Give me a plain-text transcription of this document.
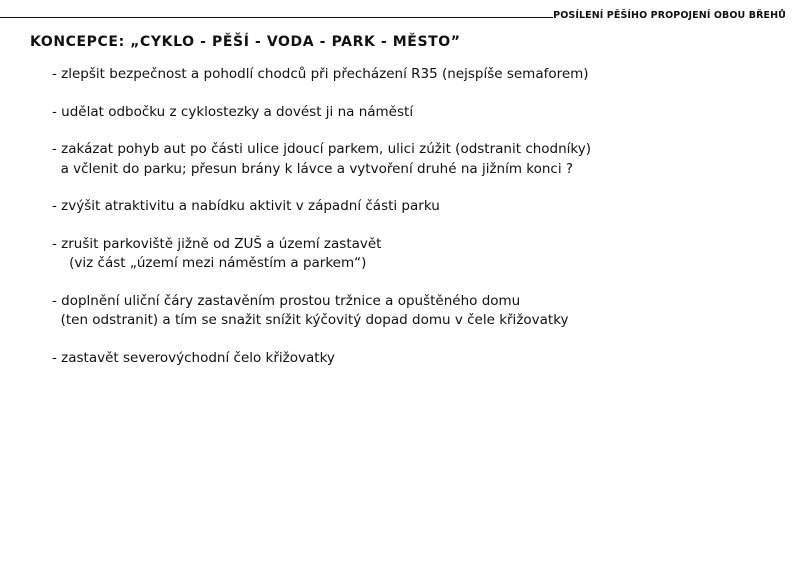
POSÍLENÍ PĚŠÍHO PROPOJENÍ OBOU BŘEHŮ
KONCEPCE: „CYKLO - PĚŠÍ - VODA - PARK - MĚSTO”
- zlepšit bezpečnost a pohodlí chodců při přecházení R35 (nejspíše semaforem)
- udělat odbočku z cyklostezky a dovést ji na náměstí
- zakázat pohyb aut po části ulice jdoucí parkem, ulici zúžit (odstranit chodníky)
a včlenit do parku; přesun brány k lávce a vytvoření druhé na jižním konci ?
- zvýšit atraktivitu a nabídku aktivit v západní části parku
- zrušit parkoviště jižně od ZUŠ a území zastavět
(viz část „území mezi náměstím a parkem“)
- doplnění uliční čáry zastavěním prostou tržnice a opuštěného domu
(ten odstranit) a tím se snažit snížit kýčovitý dopad domu v čele křižovatky
- zastavět severovýchodní čelo křižovatky
